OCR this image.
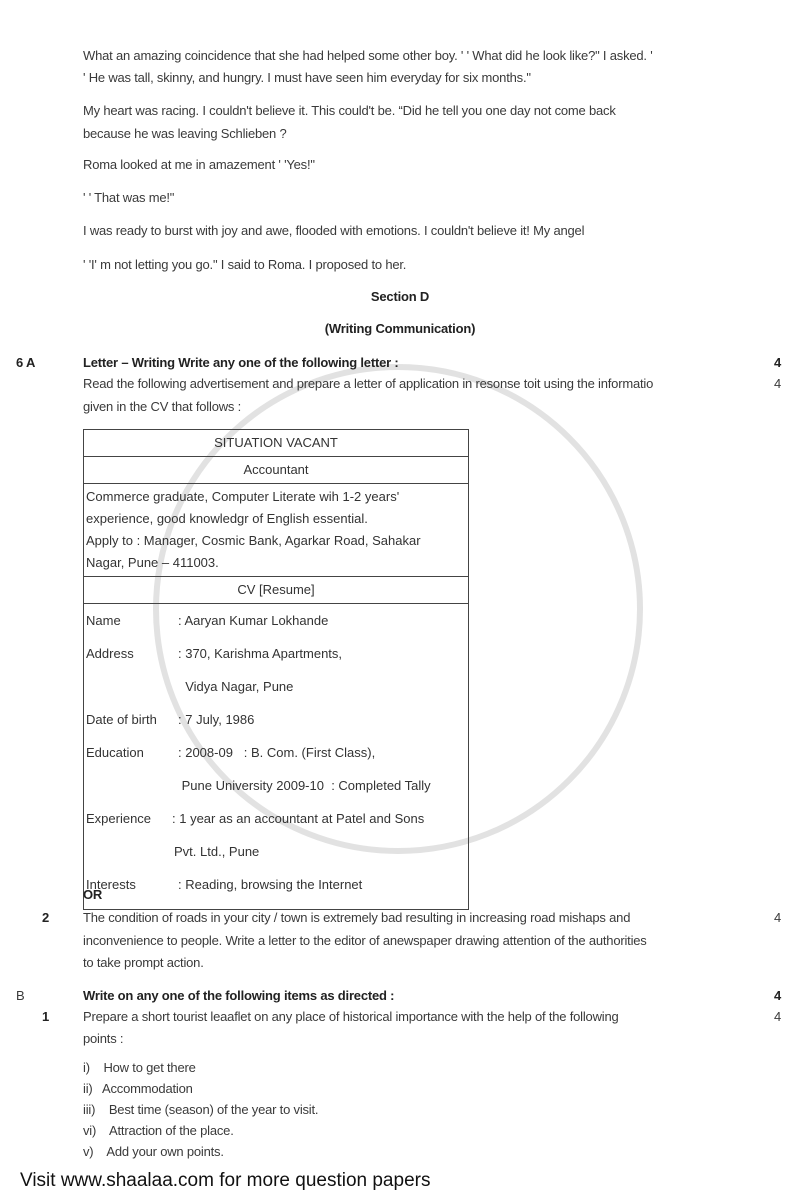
What an amazing coincidence that she had helped some other boy. ' ' What did he look like?" I asked. '
' He was tall, skinny, and hungry. I must have seen him everyday for six months."
My heart was racing. I couldn't believe it. This could't be. “Did he tell you one day not come back
because he was leaving Schlieben ?
Roma looked at me in amazement ' 'Yes!"
' ' That was me!"
I was ready to burst with joy and awe, flooded with emotions. I couldn't believe it! My angel
' 'I' m not letting you go." I said to Roma. I proposed to her.
Section D
(Writing Communication)
6 A	Letter – Writing Write any one of the following letter :	4
Read the following advertisement and prepare a letter of application in resonse toit using the informatio	4
given in the CV that follows :
SITUATION VACANT
Accountant

Commerce graduate, Computer Literate wih 1-2 years'
experience, good knowledgr of English essential.
Apply to : Manager, Cosmic Bank, Agarkar Road, Sahakar
Nagar, Pune – 411003.

CV [Resume]

Name	: Aaryan Kumar Lokhande
Address	: 370, Karishma Apartments,
Vidya Nagar, Pune
Date of birth	: 7 July, 1986
Education	: 2008-09   : B. Com. (First Class),
Pune University 2009-10  : Completed Tally
Experience	: 1 year as an accountant at Patel and Sons
Pvt. Ltd., Pune
Interests	: Reading, browsing the Internet
OR
2	The condition of roads in your city / town is extremely bad resulting in increasing road mishaps and
inconvenience to people. Write a letter to the editor of anewspaper drawing attention of the authorities
to take prompt action.
4
B	Write on any one of the following items as directed :	4
1	Prepare a short tourist leaaflet on any place of historical importance with the help of the following
points :
4
i)    How to get there
ii)   Accommodation
iii)    Best time (season) of the year to visit.
vi)    Attraction of the place.
v)    Add your own points.
Visit www.shaalaa.com for more question papers
